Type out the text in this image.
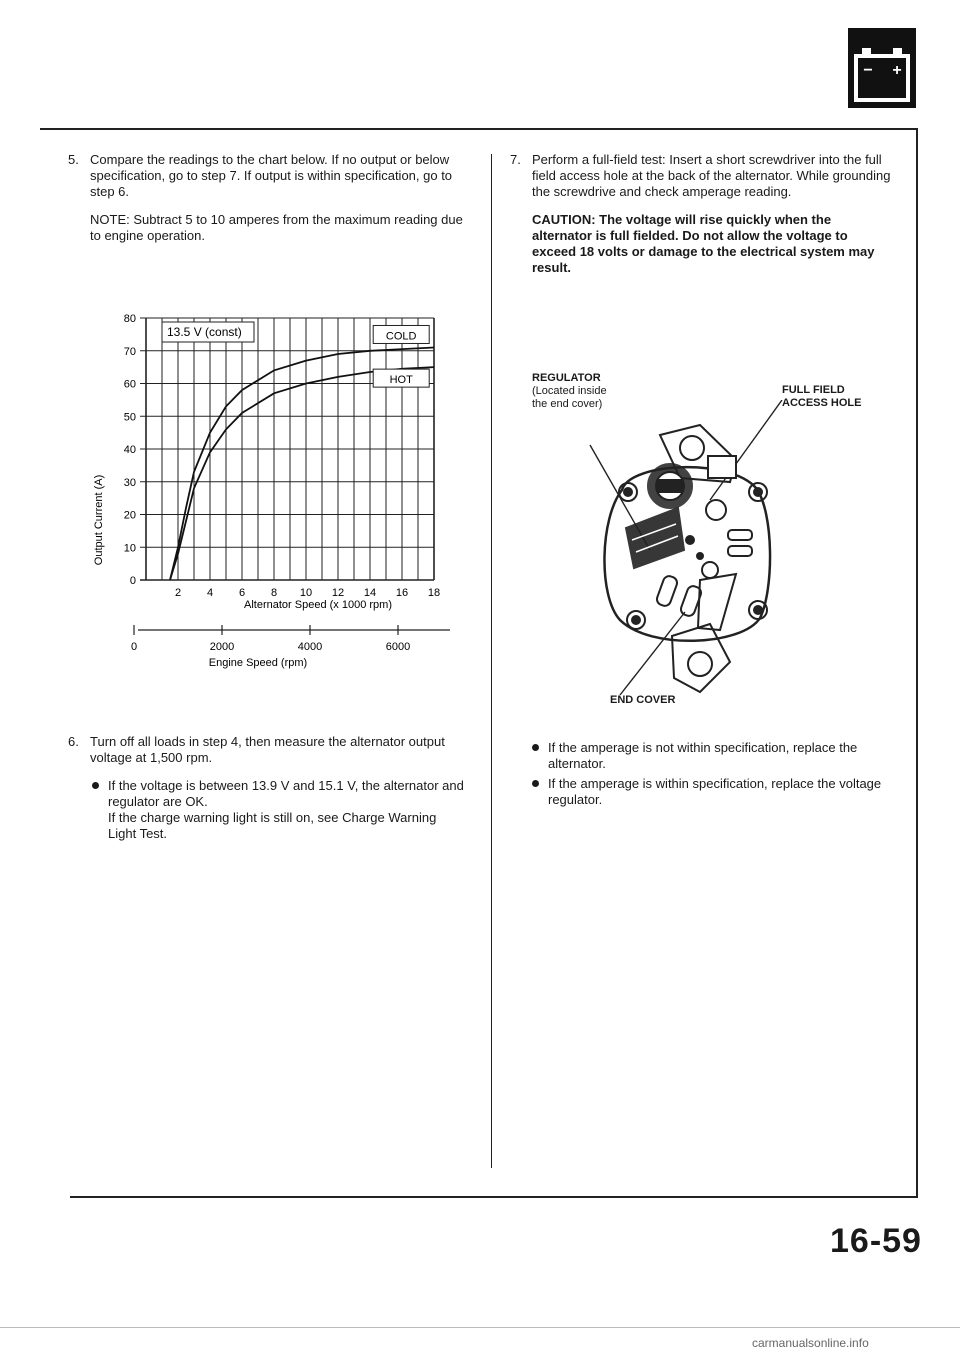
− +
5. Compare the readings to the chart below. If no output or below specification, go to step 7. If output is within specification, go to step 6.

NOTE: Subtract 5 to 10 amperes from the maximum reading due to engine operation.

COLD
HOT
0
10
20
30
40
50
60
70
80
2 4 6 8 10 12 14 16 18
0	2000	4000	6000
Output Current (A)
Alternator Speed (x 1000 rpm)
13.5 V (const)
Engine Speed (rpm)
6. Turn off all loads in step 4, then measure the alternator output voltage at 1,500 rpm.

If the voltage is between 13.9 V and 15.1 V, the alternator and regulator are OK.
If the charge warning light is still on, see Charge Warning Light Test.
7. Perform a full-field test: Insert a short screwdriver into the full field access hole at the back of the alternator. While grounding the screwdrive and check amperage reading.

CAUTION: The voltage will rise quickly when the alternator is full fielded. Do not allow the voltage to exceed 18 volts or damage to the electrical system may result.

REGULATOR
(Located inside
the end cover)
FULL FIELD
ACCESS HOLE
END COVER
If the amperage is not within specification, replace the alternator.
If the amperage is within specification, replace the voltage regulator.
16-59
carmanualsonline.info
